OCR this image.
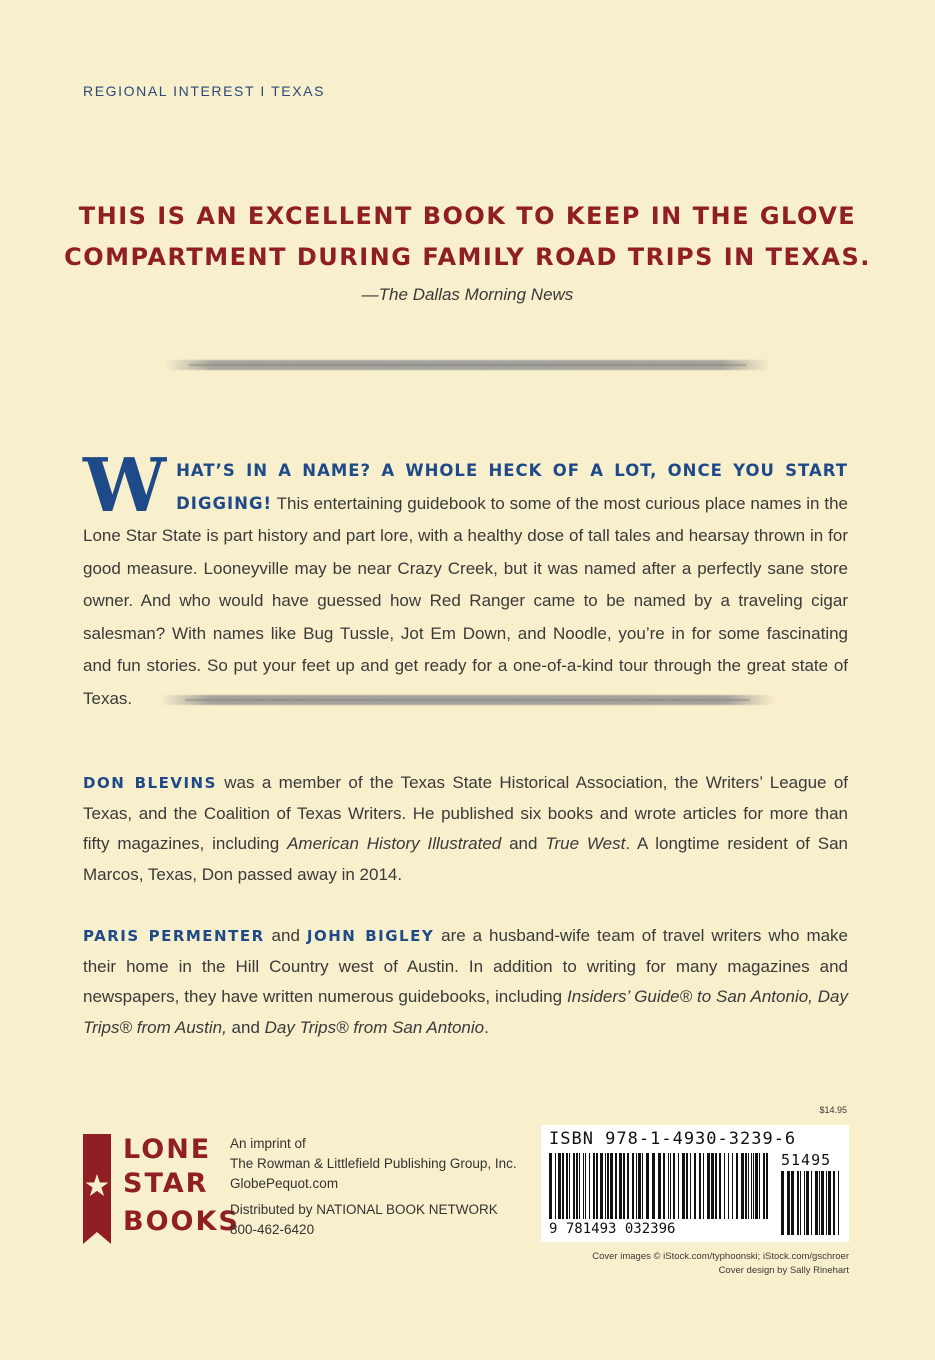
REGIONAL INTEREST I TEXAS
THIS IS AN EXCELLENT BOOK TO KEEP IN THE GLOVE
COMPARTMENT DURING FAMILY ROAD TRIPS IN TEXAS.
—The Dallas Morning News
W HAT’S IN A NAME? A WHOLE HECK OF A LOT, ONCE YOU START DIGGING! This entertaining guidebook to some of the most curious place names in the Lone Star State is part history and part lore, with a healthy dose of tall tales and hearsay thrown in for good measure. Looneyville may be near Crazy Creek, but it was named after a perfectly sane store owner. And who would have guessed how Red Ranger came to be named by a traveling cigar salesman? With names like Bug Tussle, Jot Em Down, and Noodle, you’re in for some fascinating and fun stories. So put your feet up and get ready for a one-of-a-kind tour through the great state of Texas.
DON BLEVINS was a member of the Texas State Historical Association, the Writers’ League of Texas, and the Coalition of Texas Writers. He published six books and wrote articles for more than fifty magazines, including American History Illustrated and True West. A longtime resident of San Marcos, Texas, Don passed away in 2014.
PARIS PERMENTER and JOHN BIGLEY are a husband-wife team of travel writers who make their home in the Hill Country west of Austin. In addition to writing for many magazines and newspapers, they have written numerous guidebooks, including Insiders’ Guide® to San Antonio, Day Trips® from Austin, and Day Trips® from San Antonio.
$14.95
LONE
STAR
BOOKS
An imprint of
The Rowman & Littlefield Publishing Group, Inc.
GlobePequot.com
Distributed by NATIONAL BOOK NETWORK
800-462-6420
ISBN 978-1-4930-3239-6
9 781493 032396
51495
Cover images © iStock.com/typhoonski; iStock.com/gschroer
Cover design by Sally Rinehart
